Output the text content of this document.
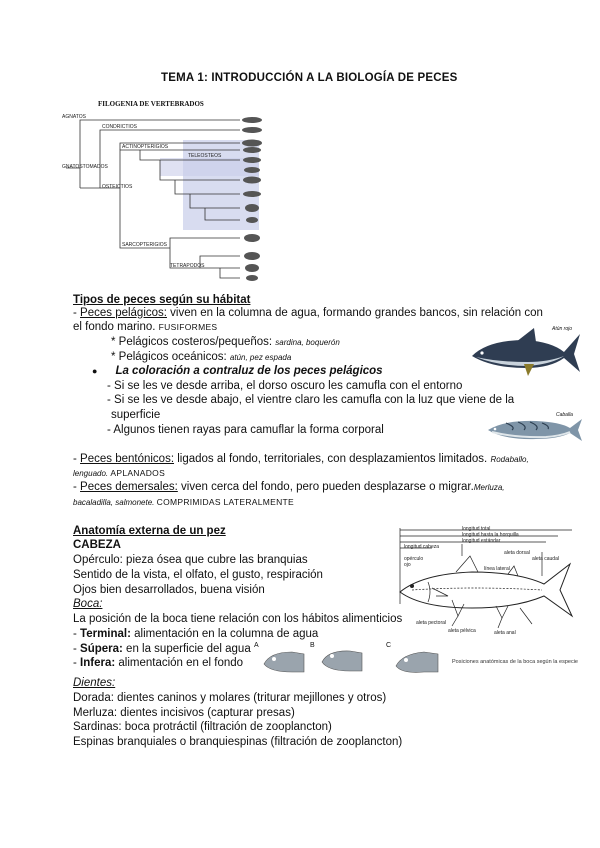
TEMA 1: INTRODUCCIÓN A LA BIOLOGÍA DE PECES
FILOGENIA DE VERTEBRADOS
AGNATOS
CONDRICTIOS
ACTINOPTERIGIOS
TELEOSTEOS
SARCOPTERIGIOS
TETRAPODOS
OSTEICTIOS
GNATOSTOMADOS
Tipos de peces según su hábitat
- Peces pelágicos: viven en la columna de agua, formando grandes bancos, sin relación con
el fondo marino. FUSIFORMES
* Pelágicos costeros/pequeños: sardina, boquerón
* Pelágicos oceánicos: atún, pez espada
● La coloración a contraluz de los peces pelágicos
- Si se les ve desde arriba, el dorso oscuro les camufla con el entorno
- Si se les ve desde abajo, el vientre claro les camufla con la luz que viene de la
superficie
- Algunos tienen rayas para camuflar la forma corporal
Atún rojo
Caballa
- Peces bentónicos: ligados al fondo, territoriales, con desplazamientos limitados. Rodaballo,
lenguado. APLANADOS
- Peces demersales: viven cerca del fondo, pero pueden desplazarse o migrar.Merluza,
bacaladilla, salmonete. COMPRIMIDAS LATERALMENTE
Anatomía externa de un pez
CABEZA
Opérculo: pieza ósea que cubre las branquias
Sentido de la vista, el olfato, el gusto, respiración
Ojos bien desarrollados, buena visión
Boca:
La posición de la boca tiene relación con los hábitos alimenticios
- Terminal: alimentación en la columna de agua
- Súpera: en la superficie del agua
- Infera: alimentación en el fondo
longitud total
longitud hasta la horquilla
longitud estándar
longitud cabeza
aleta dorsal
aleta caudal
línea lateral
aleta pectoral
aleta pélvica	aleta anal
opérculo
ojo
A	B	C
Posiciones anatómicas de la boca según la especie
Dientes:
Dorada: dientes caninos y molares (triturar mejillones y otros)
Merluza: dientes incisivos (capturar presas)
Sardinas: boca protráctil (filtración de zooplancton)
Espinas branquiales o branquiespinas (filtración de zooplancton)
